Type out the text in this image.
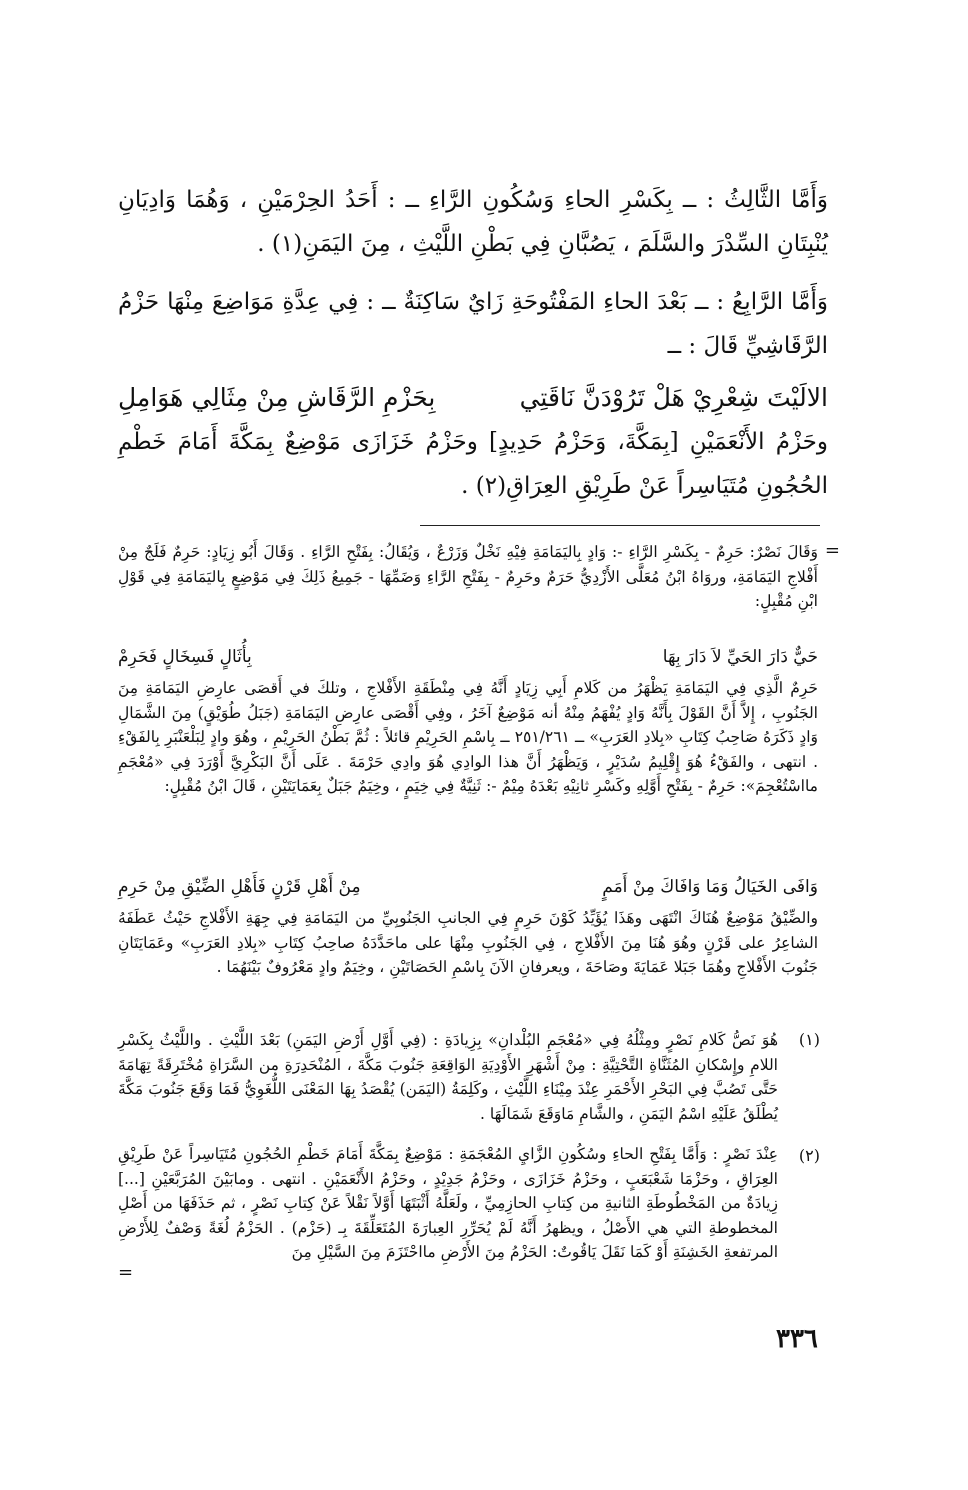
وَأَمَّا الثَّالِثُ : ــ بِكَسْرِ الحاءِ وَسُكُونِ الرَّاءِ ــ : أَحَدُ الحِرْمَيْنِ ، وَهُمَا وَادِيَانِ يُنْبِتَانِ السِّدْرَ والسَّلَمَ ، يَصُبَّانِ فِي بَطْنِ اللَّيْثِ ، مِنَ اليَمَنِ(١) .

وَأَمَّا الرَّابِعُ : ــ بَعْدَ الحاءِ المَفْتُوحَةِ زَايٌ سَاكِنَةٌ ــ : فِي عِدَّةِ مَوَاضِعَ مِنْهَا حَزْمُ الرَّقَاشِيِّ قَالَ : ــ

الالَيْتَ شِعْرِيْ هَلْ تَرُوْدَنَّ نَاقَتِي
بِحَزْمِ الرَّقَاشِ مِنْ مِثَالِي هَوَامِلِ

وحَزْمُ الأَنْعَمَيْنِ [بِمَكَّةَ، وَحَزْمُ حَدِيدٍ] وحَزْمُ خَزَازَى مَوْضِعٌ بِمَكَّةَ أَمَامَ خَطْمِ الحُجُونِ مُتَيَاسِراً عَنْ طَرِيْقِ العِرَاقِ(٢) .

=

وَقَالَ نَصْرٌ: حَرِمٌ - بِكَسْرِ الرَّاءِ -: وَادٍ بِاليَمَامَةِ فِيْهِ نَخْلٌ وَزَرْعٌ ، وَيُقَالُ: بِفَتْحِ الرَّاءِ . وَقَالَ أَبُو زِيَادٍ: حَرِمٌ فَلَجٌ مِنْ أَفْلاجِ اليَمَامَةِ، وروَاهُ ابْنُ مُعَلَّى الأَزْدِيُّ حَرَمٌ وحَرِمٌ - بِفَتْحِ الرَّاءِ وَضَمِّهَا - جَمِيعُ ذَلِكَ فِي مَوْضِعٍ بِاليَمَامَةِ فِي قَوْلِ ابْنِ مُقْبِلٍ:

حَيٌّ دَارَ الحَيِّ لاَ دَارَ بِهَا
بِأُثَالٍ فَسِخَالٍ فَحَرِمْ

حَرِمٌ الَّذِي فِي اليَمَامَةِ يَظْهَرُ من كَلامِ أَبِي زِيَادٍ أَنَّهُ فِي مِنْطَقَةِ الأَفْلاجِ ، وتلكَ في أَقصَى عارِضِ اليَمَامَةِ مِنَ الجَنُوبِ ، إِلاَّ أَنَّ القَوْلَ بِأَنَّهُ وَادٍ يُفْهَمُ مِنْهُ أنه مَوْضِعٌ آخَرُ ، وفِي أَقْصَى عارِضِ اليَمَامَةِ (جَبَلُ طُوَيْقٍ) مِنَ الشَّمَالِ وَادٍ ذَكَرَهُ صَاحِبُ كِتَابِ «بِلادِ العَرَبِ» ــ ٢٥١/٢٦١ ــ بِاسْمِ الحَرِيْمِ قائلاً : ثُمَّ بَطْنُ الحَرِيْمِ ، وهُوَ وادٍ لِبَلْعَنْبَرِ بِالفَقْءِ . انتهى ، والفَقْءُ هُوَ إِقْلِيمُ سُدَيْرٍ ، وَيَظْهَرُ أَنَّ هذا الوادِي هُوَ وادِي حَرْمَةَ . عَلَى أَنَّ البَكْرِيَّ أَوْرَدَ فِي «مُعْجَمِ مااسْتُعْجِمَ»: حَرِمٌ - بِفَتْحِ أَوَّلِهِ وكَسْرِ ثانِيْهِ بَعْدَهُ مِيْمٌ -: ثَنِيَّةٌ فِي خِيَمٍ ، وخِيَمٌ جَبَلٌ بِعَمَايَتَيْنِ ، قَالَ ابْنُ مُقْبِلٍ:

وَافَى الخَيَالُ وَمَا وَافَاكَ مِنْ أَمَمٍ
مِنْ أَهْلِ قَرْنٍ فَأَهْلِ الضِّيْقِ مِنْ حَرِمِ

والضِّيْقُ مَوْضِعٌ هُنَاكَ انْتَهَى وهَذَا يُؤَيِّدُ كَوْنَ حَرِمٍ فِي الجانبِ الجَنُوبِيِّ من اليَمَامَةِ فِي جِهَةِ الأَفْلاجِ حَيْثُ عَطَفَهُ الشاعِرُ على قَرْنٍ وهُوَ هُنَا مِنَ الأَفْلاجِ ، فِي الجَنُوبِ مِنْهَا على ماحَدَّدَهُ صاحِبُ كِتَابِ «بِلادِ العَرَبِ» وعَمَايَتَانِ جَنُوبَ الأَفْلاجِ وهُمَا جَبَلا عَمَايَةَ وصَاحَةَ ، ويعرفانِ الآنَ بِاسْمِ الحَصَاتَيْنِ ، وخِيَمٌ وادٍ مَعْرُوفٌ بَيْنَهُمَا .

(١)

هُوَ نَصُّ كَلامِ نَصْرٍ ومِثْلُهُ فِي «مُعْجَمِ البُلْدانِ» بِزِيادَةِ : (فِي أَوَّلِ أَرْضِ اليَمَنِ) بَعْدَ اللَّيْثِ . واللَّيْثُ بِكَسْرِ اللامِ وإِسْكانِ المُثَنَّاةِ التَّحْتِيَّةِ : مِنْ أَشْهَرِ الأَوْدِيَةِ الوَاقِعَةِ جَنُوبَ مَكَّةَ ، المُنْحَدِرَةِ من السَّرَاةِ مُخْتَرِقَةً تِهَامَةَ حَتَّى تَصُبَّ فِي البَحْرِ الأَحْمَرِ عِنْدَ مِيْنَاءِ اللَّيْثِ ، وكَلِمَةُ (اليَمَن) يُقْصَدُ بِهَا المَعْنَى اللُّغَوِيُّ فَمَا وَقَعَ جَنُوبَ مَكَّةَ يُطْلَقُ عَلَيْهِ اسْمُ اليَمَنِ ، والشَّامِ مَاوَقَعَ شَمَالَهَا .

(٢)

عِنْدَ نَصْرٍ : وَأَمَّا بِفَتْحِ الحاءِ وسُكُونِ الزَّايِ المُعْجَمَةِ : مَوْضِعٌ بِمَكَّةَ أَمَامَ خَطْمِ الحُجُونِ مُتَيَاسِراً عَنْ طَرِيْقِ العِرَاقِ ، وحَزْمَا شَعْبَعَبٍ ، وحَزْمُ خَزَازَى ، وحَزْمُ جَدِيْدٍ ، وحَزْمُ الأَنْعَمَيْنِ . انتهى . ومابَيْنَ المُرَبَّعَيْنِ [...] زِيادَةٌ من المَخْطُوطَةِ الثانيةِ من كِتابِ الحازِمِيِّ ، ولَعَلَّهُ أَثْبَتَهَا أَوَّلاً نَقْلاً عَنْ كِتابِ نَصْرٍ ، ثم حَذَفَهَا من أَصْلِ المخطوطةِ التي هي الأَصْلُ ، ويظهرُ أَنَّهُ لَمْ يُحَرِّرِ العِبارَةَ المُتَعَلِّقَةَ بِـ (حَزْم) . الحَزْمُ لُغَةً وَصْفٌ لِلأَرْضِ المرتفعةِ الخَشِنَةِ أَوْ كَمَا نَقَلَ يَاقُوتٌ: الحَزْمُ مِنَ الأَرْضِ مااحْتَزَمَ مِنَ السَّيْلِ مِنَ

=
٣٣٦
